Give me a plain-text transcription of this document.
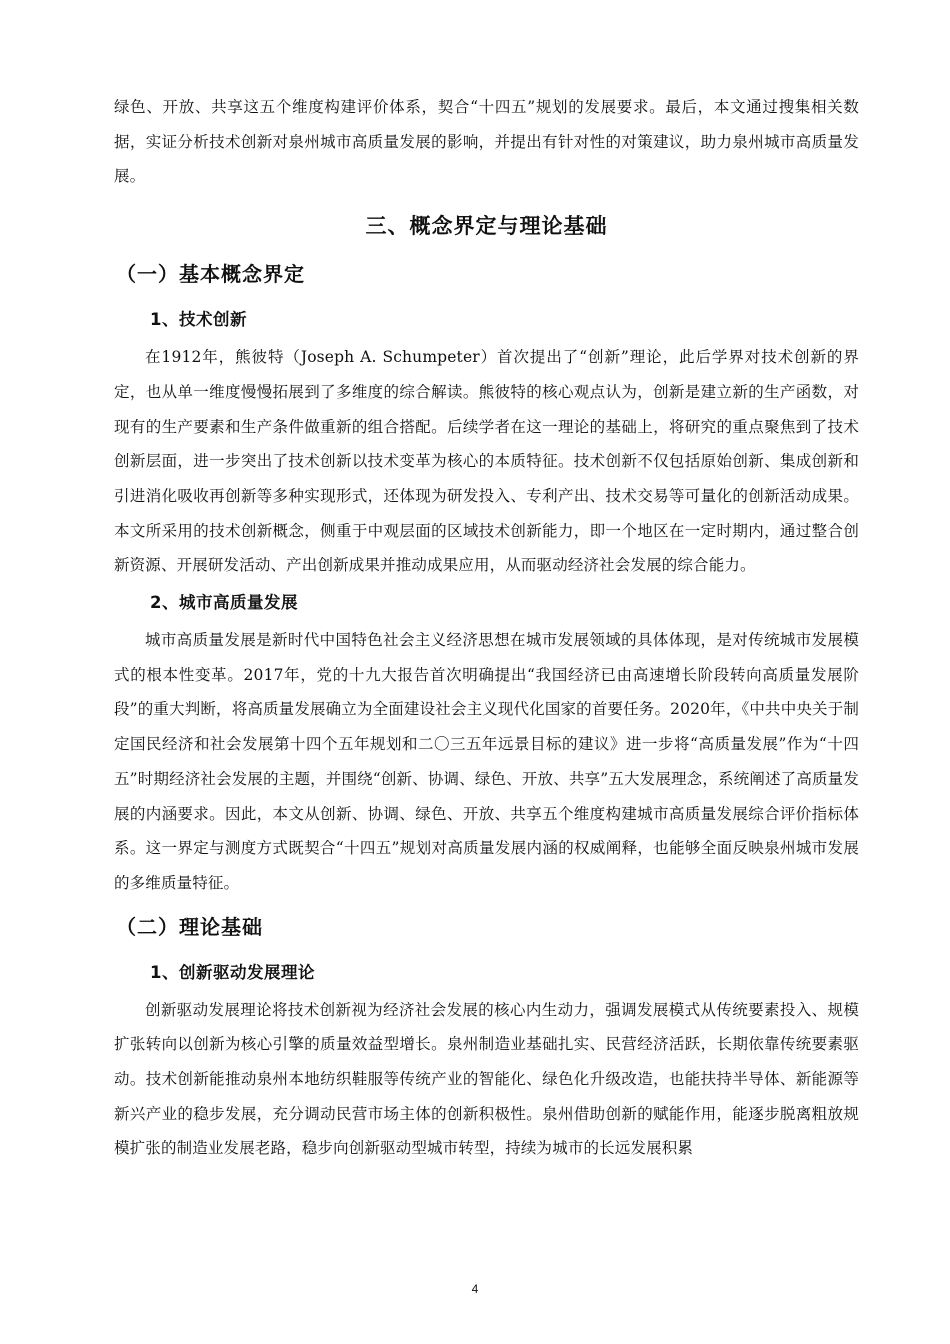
绿色、开放、共享这五个维度构建评价体系，契合“十四五”规划的发展要求。最后，本文通过搜集相关数据，实证分析技术创新对泉州城市高质量发展的影响，并提出有针对性的对策建议，助力泉州城市高质量发展。

三、概念界定与理论基础
（一）基本概念界定
1、技术创新

在1912年，熊彼特（Joseph A. Schumpeter）首次提出了“创新”理论，此后学界对技术创新的界定，也从单一维度慢慢拓展到了多维度的综合解读。熊彼特的核心观点认为，创新是建立新的生产函数，对现有的生产要素和生产条件做重新的组合搭配。后续学者在这一理论的基础上，将研究的重点聚焦到了技术创新层面，进一步突出了技术创新以技术变革为核心的本质特征。技术创新不仅包括原始创新、集成创新和引进消化吸收再创新等多种实现形式，还体现为研发投入、专利产出、技术交易等可量化的创新活动成果。本文所采用的技术创新概念，侧重于中观层面的区域技术创新能力，即一个地区在一定时期内，通过整合创新资源、开展研发活动、产出创新成果并推动成果应用，从而驱动经济社会发展的综合能力。

2、城市高质量发展

城市高质量发展是新时代中国特色社会主义经济思想在城市发展领域的具体体现，是对传统城市发展模式的根本性变革。2017年，党的十九大报告首次明确提出“我国经济已由高速增长阶段转向高质量发展阶段”的重大判断，将高质量发展确立为全面建设社会主义现代化国家的首要任务。2020年，《中共中央关于制定国民经济和社会发展第十四个五年规划和二〇三五年远景目标的建议》进一步将“高质量发展”作为“十四五”时期经济社会发展的主题，并围绕“创新、协调、绿色、开放、共享”五大发展理念，系统阐述了高质量发展的内涵要求。因此，本文从创新、协调、绿色、开放、共享五个维度构建城市高质量发展综合评价指标体系。这一界定与测度方式既契合“十四五”规划对高质量发展内涵的权威阐释，也能够全面反映泉州城市发展的多维质量特征。

（二）理论基础
1、创新驱动发展理论

创新驱动发展理论将技术创新视为经济社会发展的核心内生动力，强调发展模式从传统要素投入、规模扩张转向以创新为核心引擎的质量效益型增长。泉州制造业基础扎实、民营经济活跃，长期依靠传统要素驱动。技术创新能推动泉州本地纺织鞋服等传统产业的智能化、绿色化升级改造，也能扶持半导体、新能源等新兴产业的稳步发展，充分调动民营市场主体的创新积极性。泉州借助创新的赋能作用，能逐步脱离粗放规模扩张的制造业发展老路，稳步向创新驱动型城市转型，持续为城市的长远发展积累

4
